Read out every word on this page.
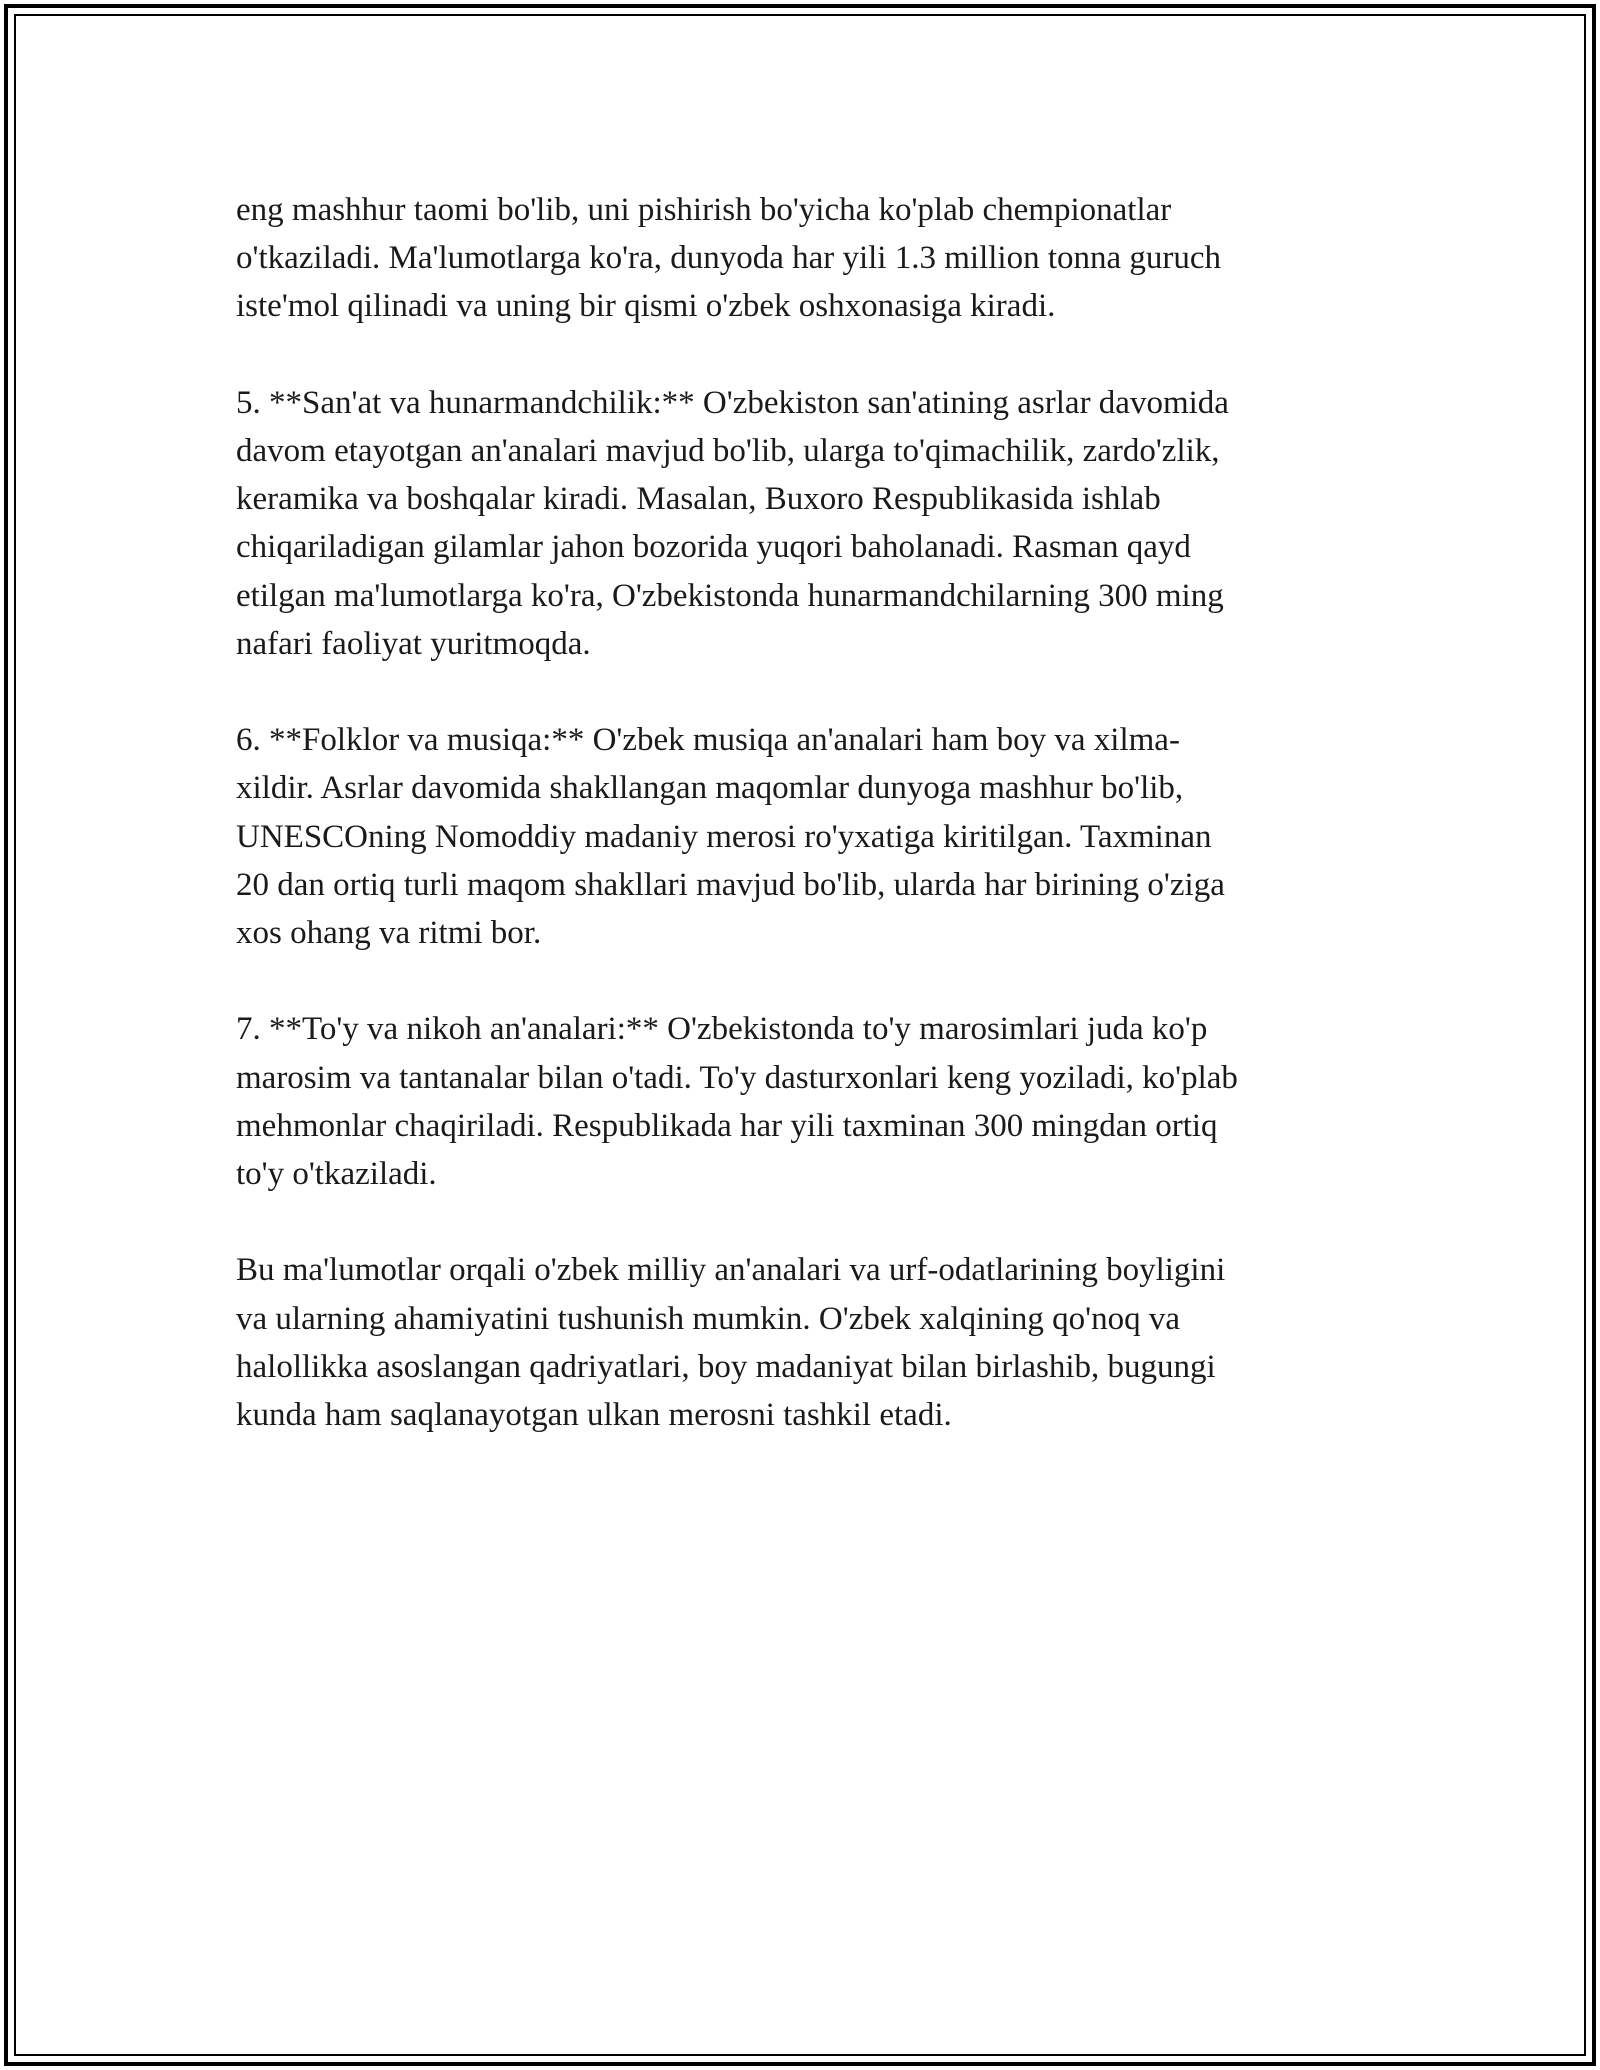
eng mashhur taomi bo'lib, uni pishirish bo'yicha ko'plab chempionatlar
o'tkaziladi. Ma'lumotlarga ko'ra, dunyoda har yili 1.3 million tonna guruch
iste'mol qilinadi va uning bir qismi o'zbek oshxonasiga kiradi.

5. **San'at va hunarmandchilik:** O'zbekiston san'atining asrlar davomida
davom etayotgan an'analari mavjud bo'lib, ularga to'qimachilik, zardo'zlik,
keramika va boshqalar kiradi. Masalan, Buxoro Respublikasida ishlab
chiqariladigan gilamlar jahon bozorida yuqori baholanadi. Rasman qayd
etilgan ma'lumotlarga ko'ra, O'zbekistonda hunarmandchilarning 300 ming
nafari faoliyat yuritmoqda.

6. **Folklor va musiqa:** O'zbek musiqa an'analari ham boy va xilma-
xildir. Asrlar davomida shakllangan maqomlar dunyoga mashhur bo'lib,
UNESCOning Nomoddiy madaniy merosi ro'yxatiga kiritilgan. Taxminan
20 dan ortiq turli maqom shakllari mavjud bo'lib, ularda har birining o'ziga
xos ohang va ritmi bor.

7. **To'y va nikoh an'analari:** O'zbekistonda to'y marosimlari juda ko'p
marosim va tantanalar bilan o'tadi. To'y dasturxonlari keng yoziladi, ko'plab
mehmonlar chaqiriladi. Respublikada har yili taxminan 300 mingdan ortiq
to'y o'tkaziladi.

Bu ma'lumotlar orqali o'zbek milliy an'analari va urf-odatlarining boyligini
va ularning ahamiyatini tushunish mumkin. O'zbek xalqining qo'noq va
halollikka asoslangan qadriyatlari, boy madaniyat bilan birlashib, bugungi
kunda ham saqlanayotgan ulkan merosni tashkil etadi.
